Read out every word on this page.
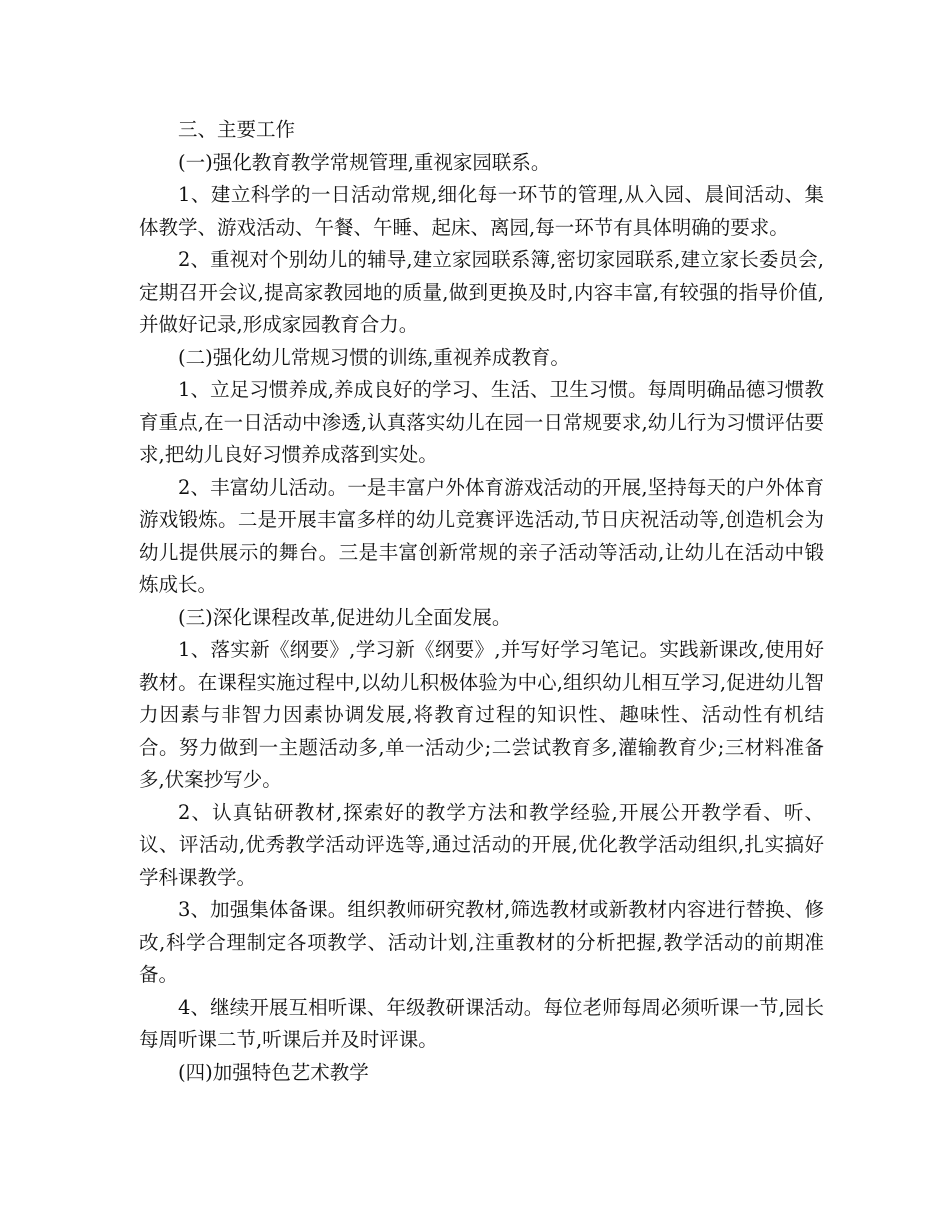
三、主要工作

(一)强化教育教学常规管理,重视家园联系。

1、建立科学的一日活动常规,细化每一环节的管理,从入园、晨间活动、集体教学、游戏活动、午餐、午睡、起床、离园,每一环节有具体明确的要求。

2、重视对个别幼儿的辅导,建立家园联系簿,密切家园联系,建立家长委员会,定期召开会议,提高家教园地的质量,做到更换及时,内容丰富,有较强的指导价值,并做好记录,形成家园教育合力。

(二)强化幼儿常规习惯的训练,重视养成教育。

1、立足习惯养成,养成良好的学习、生活、卫生习惯。每周明确品德习惯教育重点,在一日活动中渗透,认真落实幼儿在园一日常规要求,幼儿行为习惯评估要求,把幼儿良好习惯养成落到实处。

2、丰富幼儿活动。一是丰富户外体育游戏活动的开展,坚持每天的户外体育游戏锻炼。二是开展丰富多样的幼儿竞赛评选活动,节日庆祝活动等,创造机会为幼儿提供展示的舞台。三是丰富创新常规的亲子活动等活动,让幼儿在活动中锻炼成长。

(三)深化课程改革,促进幼儿全面发展。

1、落实新《纲要》,学习新《纲要》,并写好学习笔记。实践新课改,使用好教材。在课程实施过程中,以幼儿积极体验为中心,组织幼儿相互学习,促进幼儿智力因素与非智力因素协调发展,将教育过程的知识性、趣味性、活动性有机结合。努力做到一主题活动多,单一活动少;二尝试教育多,灌输教育少;三材料准备多,伏案抄写少。

2、认真钻研教材,探索好的教学方法和教学经验,开展公开教学看、听、议、评活动,优秀教学活动评选等,通过活动的开展,优化教学活动组织,扎实搞好学科课教学。

3、加强集体备课。组织教师研究教材,筛选教材或新教材内容进行替换、修改,科学合理制定各项教学、活动计划,注重教材的分析把握,教学活动的前期准备。

4、继续开展互相听课、年级教研课活动。每位老师每周必须听课一节,园长每周听课二节,听课后并及时评课。

(四)加强特色艺术教学
